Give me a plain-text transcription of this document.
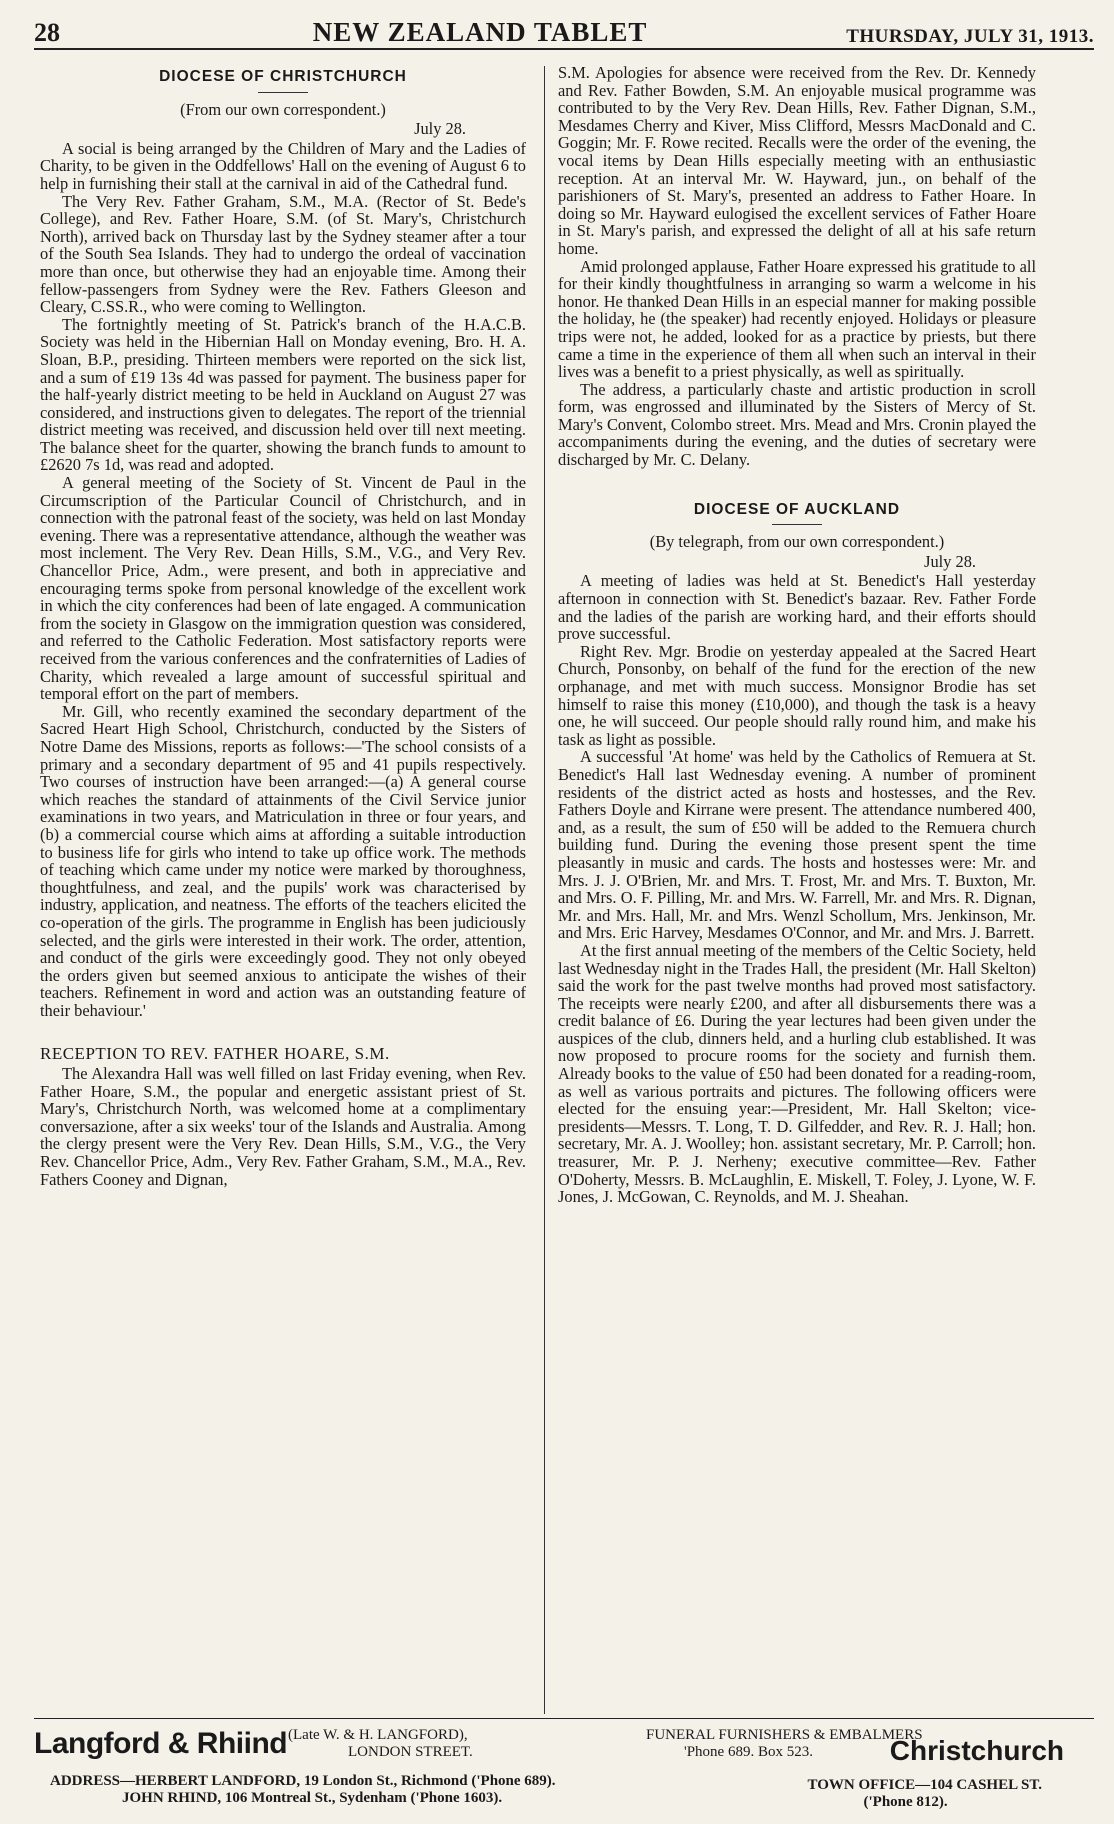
28	NEW ZEALAND TABLET	THURSDAY, JULY 31, 1913.
DIOCESE OF CHRISTCHURCH
(From our own correspondent.)
July 28.

A social is being arranged by the Children of Mary and the Ladies of Charity, to be given in the Oddfellows' Hall on the evening of August 6 to help in furnishing their stall at the carnival in aid of the Cathedral fund.

The Very Rev. Father Graham, S.M., M.A. (Rector of St. Bede's College), and Rev. Father Hoare, S.M. (of St. Mary's, Christchurch North), arrived back on Thursday last by the Sydney steamer after a tour of the South Sea Islands. They had to undergo the ordeal of vaccination more than once, but otherwise they had an enjoyable time. Among their fellow-passengers from Sydney were the Rev. Fathers Gleeson and Cleary, C.SS.R., who were coming to Wellington.

The fortnightly meeting of St. Patrick's branch of the H.A.C.B. Society was held in the Hibernian Hall on Monday evening, Bro. H. A. Sloan, B.P., presiding. Thirteen members were reported on the sick list, and a sum of £19 13s 4d was passed for payment. The business paper for the half-yearly district meeting to be held in Auckland on August 27 was considered, and instructions given to delegates. The report of the triennial district meeting was received, and discussion held over till next meeting. The balance sheet for the quarter, showing the branch funds to amount to £2620 7s 1d, was read and adopted.

A general meeting of the Society of St. Vincent de Paul in the Circumscription of the Particular Council of Christchurch, and in connection with the patronal feast of the society, was held on last Monday evening. There was a representative attendance, although the weather was most inclement. The Very Rev. Dean Hills, S.M., V.G., and Very Rev. Chancellor Price, Adm., were present, and both in appreciative and encouraging terms spoke from personal knowledge of the excellent work in which the city conferences had been of late engaged. A communication from the society in Glasgow on the immigration question was considered, and referred to the Catholic Federation. Most satisfactory reports were received from the various conferences and the confraternities of Ladies of Charity, which revealed a large amount of successful spiritual and temporal effort on the part of members.

Mr. Gill, who recently examined the secondary department of the Sacred Heart High School, Christchurch, conducted by the Sisters of Notre Dame des Missions, reports as follows:—'The school consists of a primary and a secondary department of 95 and 41 pupils respectively. Two courses of instruction have been arranged:—(a) A general course which reaches the standard of attainments of the Civil Service junior examinations in two years, and Matriculation in three or four years, and (b) a commercial course which aims at affording a suitable introduction to business life for girls who intend to take up office work. The methods of teaching which came under my notice were marked by thoroughness, thoughtfulness, and zeal, and the pupils' work was characterised by industry, application, and neatness. The efforts of the teachers elicited the co-operation of the girls. The programme in English has been judiciously selected, and the girls were interested in their work. The order, attention, and conduct of the girls were exceedingly good. They not only obeyed the orders given but seemed anxious to anticipate the wishes of their teachers. Refinement in word and action was an outstanding feature of their behaviour.'

RECEPTION TO REV. FATHER HOARE, S.M.

The Alexandra Hall was well filled on last Friday evening, when Rev. Father Hoare, S.M., the popular and energetic assistant priest of St. Mary's, Christchurch North, was welcomed home at a complimentary conversazione, after a six weeks' tour of the Islands and Australia. Among the clergy present were the Very Rev. Dean Hills, S.M., V.G., the Very Rev. Chancellor Price, Adm., Very Rev. Father Graham, S.M., M.A., Rev. Fathers Cooney and Dignan,

S.M. Apologies for absence were received from the Rev. Dr. Kennedy and Rev. Father Bowden, S.M. An enjoyable musical programme was contributed to by the Very Rev. Dean Hills, Rev. Father Dignan, S.M., Mesdames Cherry and Kiver, Miss Clifford, Messrs MacDonald and C. Goggin; Mr. F. Rowe recited. Recalls were the order of the evening, the vocal items by Dean Hills especially meeting with an enthusiastic reception. At an interval Mr. W. Hayward, jun., on behalf of the parishioners of St. Mary's, presented an address to Father Hoare. In doing so Mr. Hayward eulogised the excellent services of Father Hoare in St. Mary's parish, and expressed the delight of all at his safe return home.

Amid prolonged applause, Father Hoare expressed his gratitude to all for their kindly thoughtfulness in arranging so warm a welcome in his honor. He thanked Dean Hills in an especial manner for making possible the holiday, he (the speaker) had recently enjoyed. Holidays or pleasure trips were not, he added, looked for as a practice by priests, but there came a time in the experience of them all when such an interval in their lives was a benefit to a priest physically, as well as spiritually.

The address, a particularly chaste and artistic production in scroll form, was engrossed and illuminated by the Sisters of Mercy of St. Mary's Convent, Colombo street. Mrs. Mead and Mrs. Cronin played the accompaniments during the evening, and the duties of secretary were discharged by Mr. C. Delany.

DIOCESE OF AUCKLAND
(By telegraph, from our own correspondent.)
July 28.

A meeting of ladies was held at St. Benedict's Hall yesterday afternoon in connection with St. Benedict's bazaar. Rev. Father Forde and the ladies of the parish are working hard, and their efforts should prove successful.

Right Rev. Mgr. Brodie on yesterday appealed at the Sacred Heart Church, Ponsonby, on behalf of the fund for the erection of the new orphanage, and met with much success. Monsignor Brodie has set himself to raise this money (£10,000), and though the task is a heavy one, he will succeed. Our people should rally round him, and make his task as light as possible.

A successful 'At home' was held by the Catholics of Remuera at St. Benedict's Hall last Wednesday evening. A number of prominent residents of the district acted as hosts and hostesses, and the Rev. Fathers Doyle and Kirrane were present. The attendance numbered 400, and, as a result, the sum of £50 will be added to the Remuera church building fund. During the evening those present spent the time pleasantly in music and cards. The hosts and hostesses were: Mr. and Mrs. J. J. O'Brien, Mr. and Mrs. T. Frost, Mr. and Mrs. T. Buxton, Mr. and Mrs. O. F. Pilling, Mr. and Mrs. W. Farrell, Mr. and Mrs. R. Dignan, Mr. and Mrs. Hall, Mr. and Mrs. Wenzl Schollum, Mrs. Jenkinson, Mr. and Mrs. Eric Harvey, Mesdames O'Connor, and Mr. and Mrs. J. Barrett.

At the first annual meeting of the members of the Celtic Society, held last Wednesday night in the Trades Hall, the president (Mr. Hall Skelton) said the work for the past twelve months had proved most satisfactory. The receipts were nearly £200, and after all disbursements there was a credit balance of £6. During the year lectures had been given under the auspices of the club, dinners held, and a hurling club established. It was now proposed to procure rooms for the society and furnish them. Already books to the value of £50 had been donated for a reading-room, as well as various portraits and pictures. The following officers were elected for the ensuing year:—President, Mr. Hall Skelton; vice-presidents—Messrs. T. Long, T. D. Gilfedder, and Rev. R. J. Hall; hon. secretary, Mr. A. J. Woolley; hon. assistant secretary, Mr. P. Carroll; hon. treasurer, Mr. P. J. Nerheny; executive committee—Rev. Father O'Doherty, Messrs. B. McLaughlin, E. Miskell, T. Foley, J. Lyone, W. F. Jones, J. McGowan, C. Reynolds, and M. J. Sheahan.

Langford & Rhiind (Late W. & H. LANGFORD),
LONDON STREET.
FUNERAL FURNISHERS & EMBALMERS
'Phone 689. Box 523.	Christchurch
ADDRESS—HERBERT LANDFORD, 19 London St., Richmond ('Phone 689).
JOHN RHIND, 106 Montreal St., Sydenham ('Phone 1603).
TOWN OFFICE—104 CASHEL ST.
('Phone 812).
